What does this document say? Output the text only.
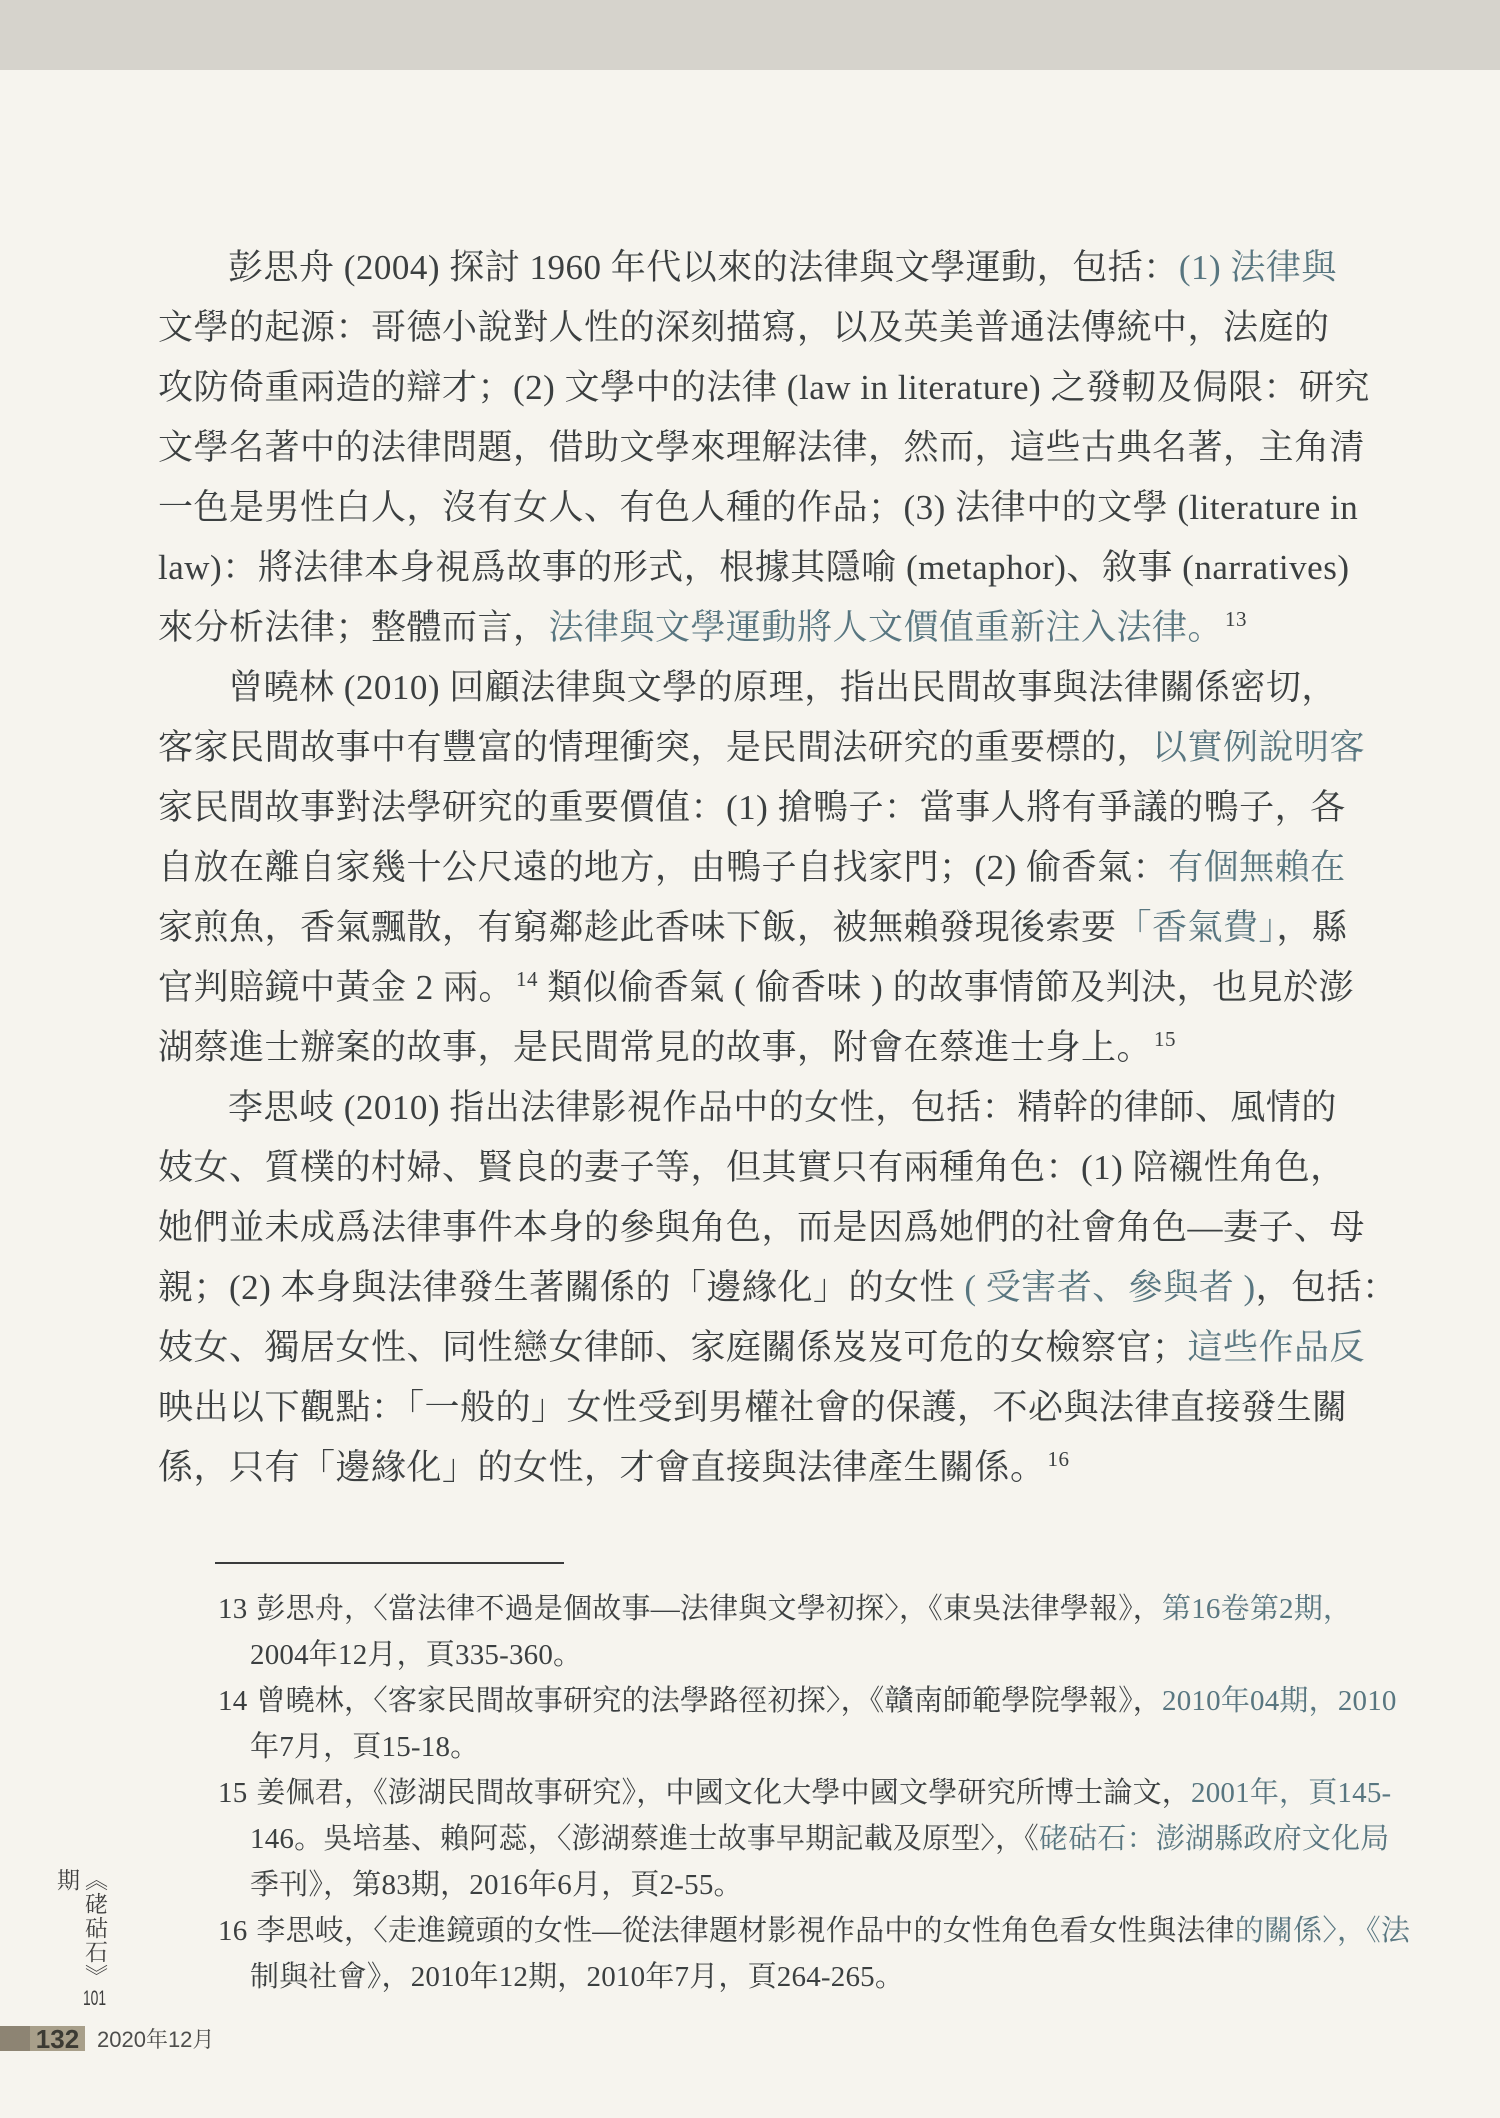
彭思舟 (2004) 探討 1960 年代以來的法律與文學運動，包括：(1) 法律與
文學的起源：哥德小說對人性的深刻描寫，以及英美普通法傳統中，法庭的
攻防倚重兩造的辯才；(2) 文學中的法律 (law in literature) 之發軔及侷限：研究
文學名著中的法律問題，借助文學來理解法律，然而，這些古典名著，主角清
一色是男性白人，沒有女人、有色人種的作品；(3) 法律中的文學 (literature in
law)：將法律本身視爲故事的形式，根據其隱喻 (metaphor)、敘事 (narratives)
來分析法律；整體而言，法律與文學運動將人文價值重新注入法律。$^{13}$
曾曉林 (2010) 回顧法律與文學的原理，指出民間故事與法律關係密切，
客家民間故事中有豐富的情理衝突，是民間法研究的重要標的，以實例說明客
家民間故事對法學研究的重要價值：(1) 搶鴨子：當事人將有爭議的鴨子，各
自放在離自家幾十公尺遠的地方，由鴨子自找家門；(2) 偷香氣：有個無賴在
家煎魚，香氣飄散，有窮鄰趁此香味下飯，被無賴發現後索要「香氣費」，縣
官判賠鏡中黃金 2 兩。$^{14}$ 類似偷香氣 ( 偷香味 ) 的故事情節及判決，也見於澎
湖蔡進士辦案的故事，是民間常見的故事，附會在蔡進士身上。$^{15}$
李思岐 (2010) 指出法律影視作品中的女性，包括：精幹的律師、風情的
妓女、質樸的村婦、賢良的妻子等，但其實只有兩種角色：(1) 陪襯性角色，
她們並未成爲法律事件本身的參與角色，而是因爲她們的社會角色—妻子、母
親；(2) 本身與法律發生著關係的「邊緣化」的女性 ( 受害者、參與者 )，包括：
妓女、獨居女性、同性戀女律師、家庭關係岌岌可危的女檢察官；這些作品反
映出以下觀點：「一般的」女性受到男權社會的保護，不必與法律直接發生關
係，只有「邊緣化」的女性，才會直接與法律產生關係。$^{16}$
13 彭思舟，〈當法律不過是個故事—法律與文學初探〉，《東吳法律學報》，第16卷第2期，
2004年12月，頁335-360。
14 曾曉林，〈客家民間故事研究的法學路徑初探〉，《贛南師範學院學報》，2010年04期，2010
年7月，頁15-18。
15 姜佩君，《澎湖民間故事研究》，中國文化大學中國文學研究所博士論文，2001年，頁145-
146。吳培基、賴阿蕊，〈澎湖蔡進士故事早期記載及原型〉，《硓𥑮石：澎湖縣政府文化局
季刊》，第83期，2016年6月，頁2-55。
16 李思岐，〈走進鏡頭的女性—從法律題材影視作品中的女性角色看女性與法律的關係〉，《法
制與社會》，2010年12期，2010年7月，頁264-265。
《硓𥑮石》101期
132 2020年12月
